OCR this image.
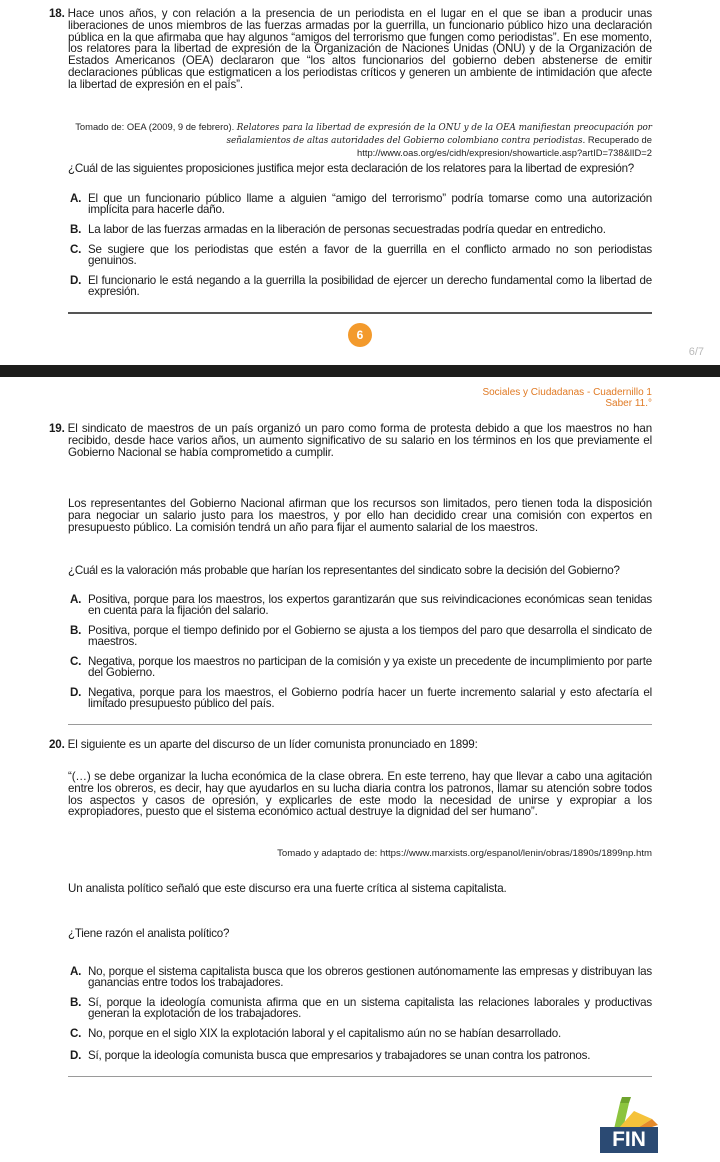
18. Hace unos años, y con relación a la presencia de un periodista en el lugar en el que se iban a producir unas liberaciones de unos miembros de las fuerzas armadas por la guerrilla, un funcionario público hizo una declaración pública en la que afirmaba que hay algunos “amigos del terrorismo que fungen como periodistas”. En ese momento, los relatores para la libertad de expresión de la Organización de Naciones Unidas (ONU) y de la Organización de Estados Americanos (OEA) declararon que “los altos funcionarios del gobierno deben abstenerse de emitir declaraciones públicas que estigmaticen a los periodistas críticos y generen un ambiente de intimidación que afecte la libertad de expresión en el país”.

Tomado de: OEA (2009, 9 de febrero). Relatores para la libertad de expresión de la ONU y de la OEA manifiestan preocupación por señalamientos de altas autoridades del Gobierno colombiano contra periodistas. Recuperado de http://www.oas.org/es/cidh/expresion/showarticle.asp?artID=738&lID=2

¿Cuál de las siguientes proposiciones justifica mejor esta declaración de los relatores para la libertad de expresión?

A. El que un funcionario público llame a alguien “amigo del terrorismo” podría tomarse como una autorización implícita para hacerle daño.
B. La labor de las fuerzas armadas en la liberación de personas secuestradas podría quedar en entredicho.
C. Se sugiere que los periodistas que estén a favor de la guerrilla en el conflicto armado no son periodistas genuinos.
D. El funcionario le está negando a la guerrilla la posibilidad de ejercer un derecho fundamental como la libertad de expresión.
6
6/7
Sociales y Ciudadanas - Cuadernillo 1
Saber 11.°

19. El sindicato de maestros de un país organizó un paro como forma de protesta debido a que los maestros no han recibido, desde hace varios años, un aumento significativo de su salario en los términos en los que previamente el Gobierno Nacional se había comprometido a cumplir.

Los representantes del Gobierno Nacional afirman que los recursos son limitados, pero tienen toda la disposición para negociar un salario justo para los maestros, y por ello han decidido crear una comisión con expertos en presupuesto público. La comisión tendrá un año para fijar el aumento salarial de los maestros.

¿Cuál es la valoración más probable que harían los representantes del sindicato sobre la decisión del Gobierno?

A. Positiva, porque para los maestros, los expertos garantizarán que sus reivindicaciones económicas sean tenidas en cuenta para la fijación del salario.
B. Positiva, porque el tiempo definido por el Gobierno se ajusta a los tiempos del paro que desarrolla el sindicato de maestros.
C. Negativa, porque los maestros no participan de la comisión y ya existe un precedente de incumplimiento por parte del Gobierno.
D. Negativa, porque para los maestros, el Gobierno podría hacer un fuerte incremento salarial y esto afectaría el limitado presupuesto público del país.

20. El siguiente es un aparte del discurso de un líder comunista pronunciado en 1899:

“(…) se debe organizar la lucha económica de la clase obrera. En este terreno, hay que llevar a cabo una agitación entre los obreros, es decir, hay que ayudarlos en su lucha diaria contra los patronos, llamar su atención sobre todos los aspectos y casos de opresión, y explicarles de este modo la necesidad de unirse y expropiar a los expropiadores, puesto que el sistema económico actual destruye la dignidad del ser humano”.

Tomado y adaptado de: https://www.marxists.org/espanol/lenin/obras/1890s/1899np.htm

Un analista político señaló que este discurso era una fuerte crítica al sistema capitalista.

¿Tiene razón el analista político?

A. No, porque el sistema capitalista busca que los obreros gestionen autónomamente las empresas y distribuyan las ganancias entre todos los trabajadores.
B. Sí, porque la ideología comunista afirma que en un sistema capitalista las relaciones laborales y productivas generan la explotación de los trabajadores.
C. No, porque en el siglo XIX la explotación laboral y el capitalismo aún no se habían desarrollado.
D. Sí, porque la ideología comunista busca que empresarios y trabajadores se unan contra los patronos.
FIN
